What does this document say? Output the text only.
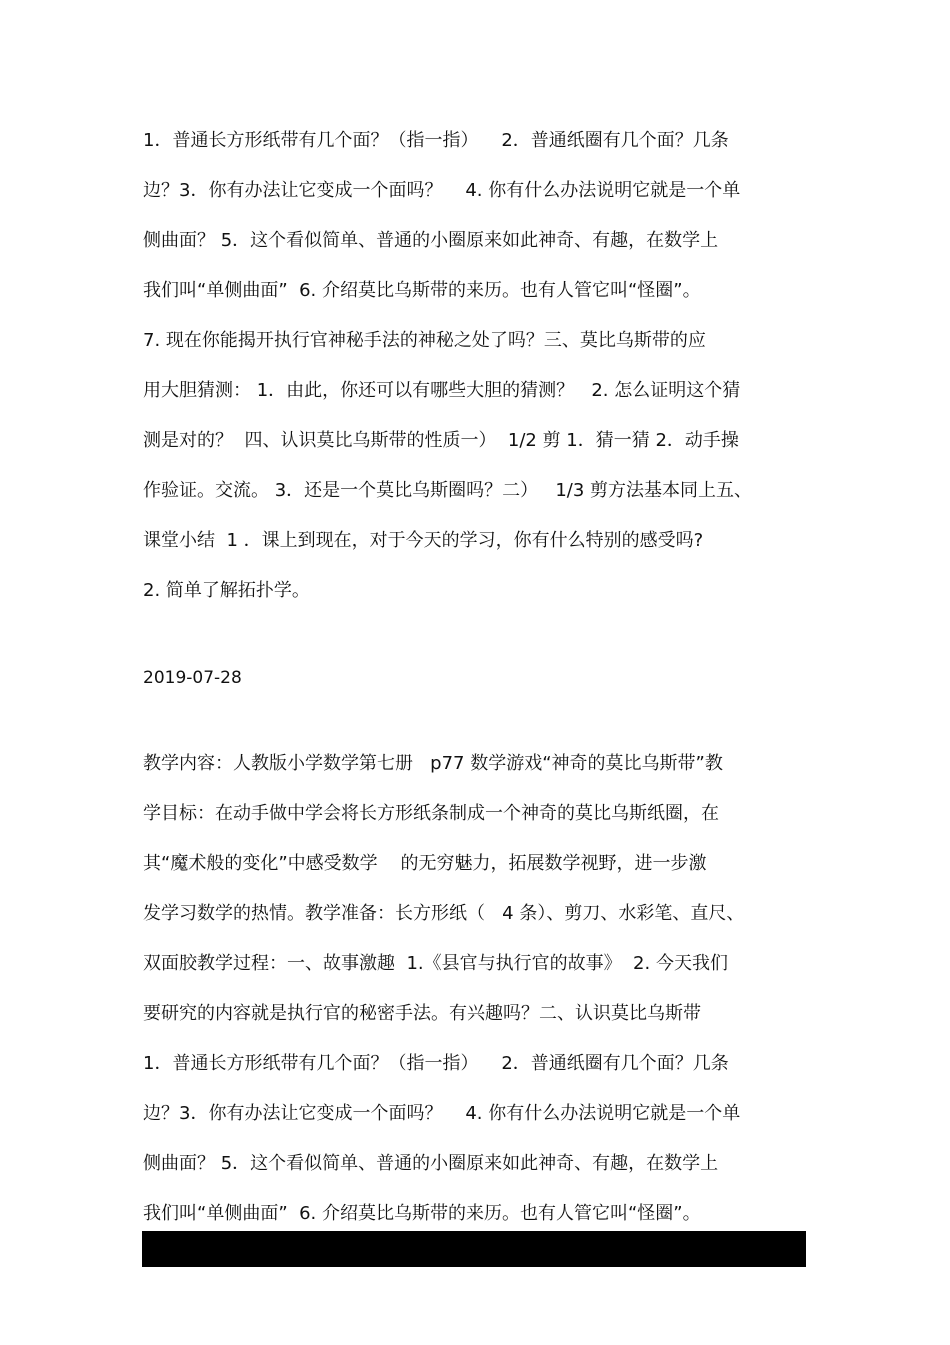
1．普通长方形纸带有几个面？（指一指）    2．普通纸圈有几个面？几条
边？3．你有办法让它变成一个面吗？    4. 你有什么办法说明它就是一个单
侧曲面？ 5．这个看似简单、普通的小圈原来如此神奇、有趣，在数学上
我们叫“单侧曲面”  6. 介绍莫比乌斯带的来历。也有人管它叫“怪圈”。
7. 现在你能揭开执行官神秘手法的神秘之处了吗？三、莫比乌斯带的应
用大胆猜测： 1．由此，你还可以有哪些大胆的猜测？   2. 怎么证明这个猜
测是对的？  四、认识莫比乌斯带的性质一）  1/2 剪 1．猜一猜 2．动手操
作验证。交流。 3．还是一个莫比乌斯圈吗？二）   1/3 剪方法基本同上五、
课堂小结  1 ．课上到现在，对于今天的学习，你有什么特别的感受吗?
2. 简单了解拓扑学。
2019-07-28
教学内容：人教版小学数学第七册   p77 数学游戏“神奇的莫比乌斯带”教
学目标：在动手做中学会将长方形纸条制成一个神奇的莫比乌斯纸圈，在
其“魔术般的变化”中感受数学    的无穷魅力，拓展数学视野，进一步激
发学习数学的热情。教学准备：长方形纸（   4 条）、剪刀、水彩笔、直尺、
双面胶教学过程：一、故事激趣  1.《县官与执行官的故事》  2. 今天我们
要研究的内容就是执行官的秘密手法。有兴趣吗？二、认识莫比乌斯带
1．普通长方形纸带有几个面？（指一指）    2．普通纸圈有几个面？几条
边？3．你有办法让它变成一个面吗？    4. 你有什么办法说明它就是一个单
侧曲面？ 5．这个看似简单、普通的小圈原来如此神奇、有趣，在数学上
我们叫“单侧曲面”  6. 介绍莫比乌斯带的来历。也有人管它叫“怪圈”。
